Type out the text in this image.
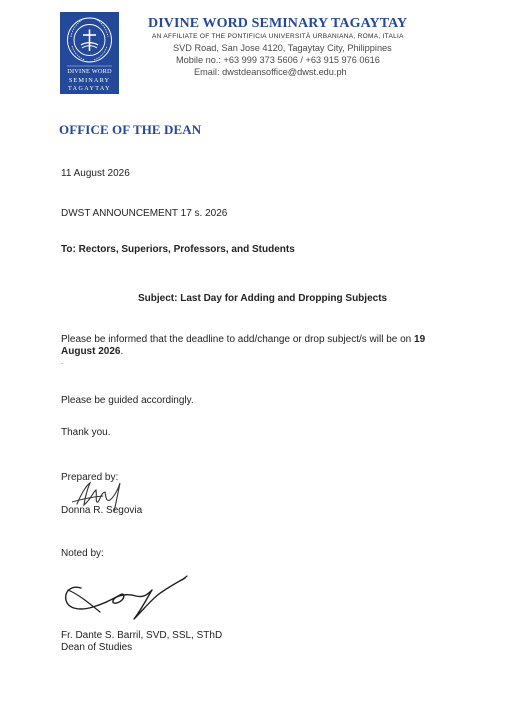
DIVINE WORD
SEMINARY
TAGAYTAY
DIVINE WORD SEMINARY TAGAYTAY
AN AFFILIATE OF THE PONTIFICIA UNIVERSITÀ URBANIANA, ROMA, ITALIA
SVD Road, San Jose 4120, Tagaytay City, Philippines
Mobile no.: +63 999 373 5606 / +63 915 976 0616
Email: dwstdeansoffice@dwst.edu.ph
OFFICE OF THE DEAN
11 August 2026
DWST ANNOUNCEMENT 17 s. 2026
To: Rectors, Superiors, Professors, and Students
Subject: Last Day for Adding and Dropping Subjects
Please be informed that the deadline to add/change or drop subject/s will be on 19
August 2026.
.
Please be guided accordingly.
Thank you.
Prepared by:
Donna R. Segovia
Noted by:
Fr. Dante S. Barril, SVD, SSL, SThD
Dean of Studies
